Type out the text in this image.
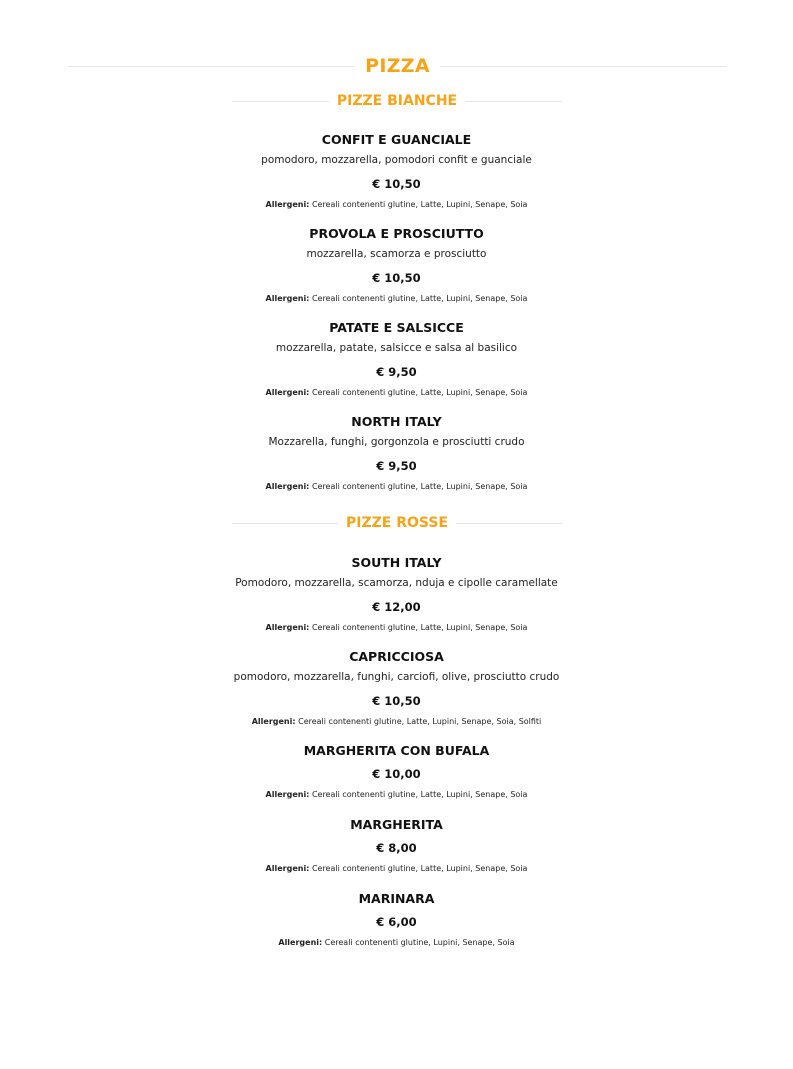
PIZZA
PIZZE BIANCHE
CONFIT E GUANCIALE
pomodoro, mozzarella, pomodori confit e guanciale
€ 10,50
Allergeni: Cereali contenenti glutine, Latte, Lupini, Senape, Soia
PROVOLA E PROSCIUTTO
mozzarella, scamorza e prosciutto
€ 10,50
Allergeni: Cereali contenenti glutine, Latte, Lupini, Senape, Soia
PATATE E SALSICCE
mozzarella, patate, salsicce e salsa al basilico
€ 9,50
Allergeni: Cereali contenenti glutine, Latte, Lupini, Senape, Soia
NORTH ITALY
Mozzarella, funghi, gorgonzola e prosciutti crudo
€ 9,50
Allergeni: Cereali contenenti glutine, Latte, Lupini, Senape, Soia
PIZZE ROSSE
SOUTH ITALY
Pomodoro, mozzarella, scamorza, nduja e cipolle caramellate
€ 12,00
Allergeni: Cereali contenenti glutine, Latte, Lupini, Senape, Soia
CAPRICCIOSA
pomodoro, mozzarella, funghi, carciofi, olive, prosciutto crudo
€ 10,50
Allergeni: Cereali contenenti glutine, Latte, Lupini, Senape, Soia, Solfiti
MARGHERITA CON BUFALA
€ 10,00
Allergeni: Cereali contenenti glutine, Latte, Lupini, Senape, Soia
MARGHERITA
€ 8,00
Allergeni: Cereali contenenti glutine, Latte, Lupini, Senape, Soia
MARINARA
€ 6,00
Allergeni: Cereali contenenti glutine, Lupini, Senape, Soia
